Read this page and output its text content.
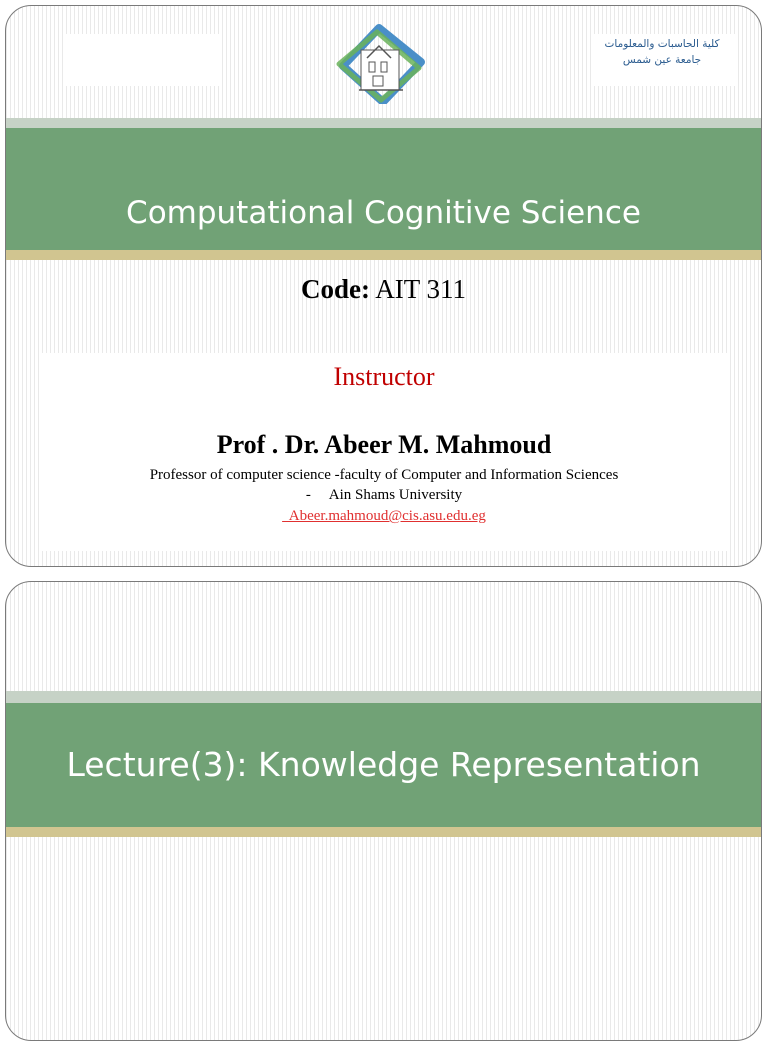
كلية الحاسبات والمعلومات
جامعة عين شمس
Computational Cognitive Science
Code: AIT 311
Instructor
Prof . Dr. Abeer M. Mahmoud
Professor of computer science -faculty of Computer and Information Sciences
-     Ain Shams University
Abeer.mahmoud@cis.asu.edu.eg
Lecture(3): Knowledge Representation
